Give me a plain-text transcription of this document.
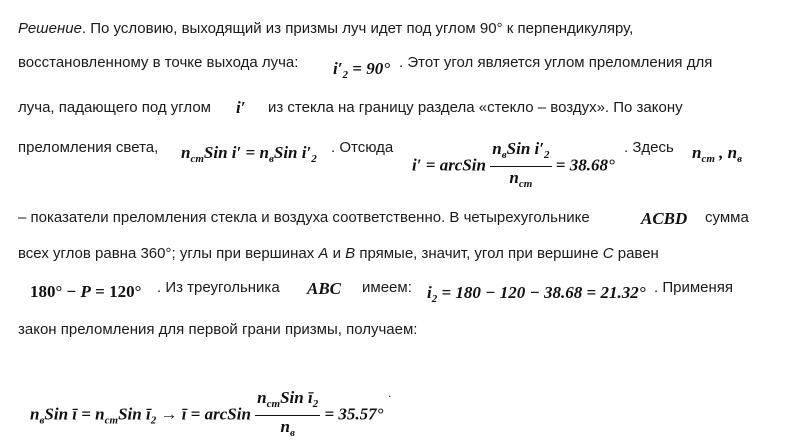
Решение. По условию, выходящий из призмы луч идет под углом 90° к перпендикуляру,
восстановленному в точке выхода луча: $i'_2 = 90^\circ$ . Этот угол является углом преломления для
луча, падающего под углом i′ из стекла на границу раздела «стекло – воздух». По закону
преломления света, $n_{ст}Sin$ $i' = n_вSin$ $i'_2$
. Отсюда
i′ = arcSin $\frac{n_вSin i'_2}{n_{ст}} = 38.68^\circ$
. Здесь $n_{ст}$ , $n_в$
– показатели преломления стекла и воздуха соответственно. В четырехугольнике	ACBD сумма
всех углов равна 360°; углы при вершинах A и B прямые, значит, угол при вершине C равен
180° − P = 120° . Из треугольника ABC имеем: $i_2 = 180 - 120 - 38.68 = 21.32^\circ$ . Применяя
закон преломления для первой грани призмы, получаем:
$n_вSin$ ī = $n_{ст}Sin$ $ī_2$ → ī = arcSin $\frac{n_{ст}Sin ī_2}{n_в} = 35.57^\circ$
.
